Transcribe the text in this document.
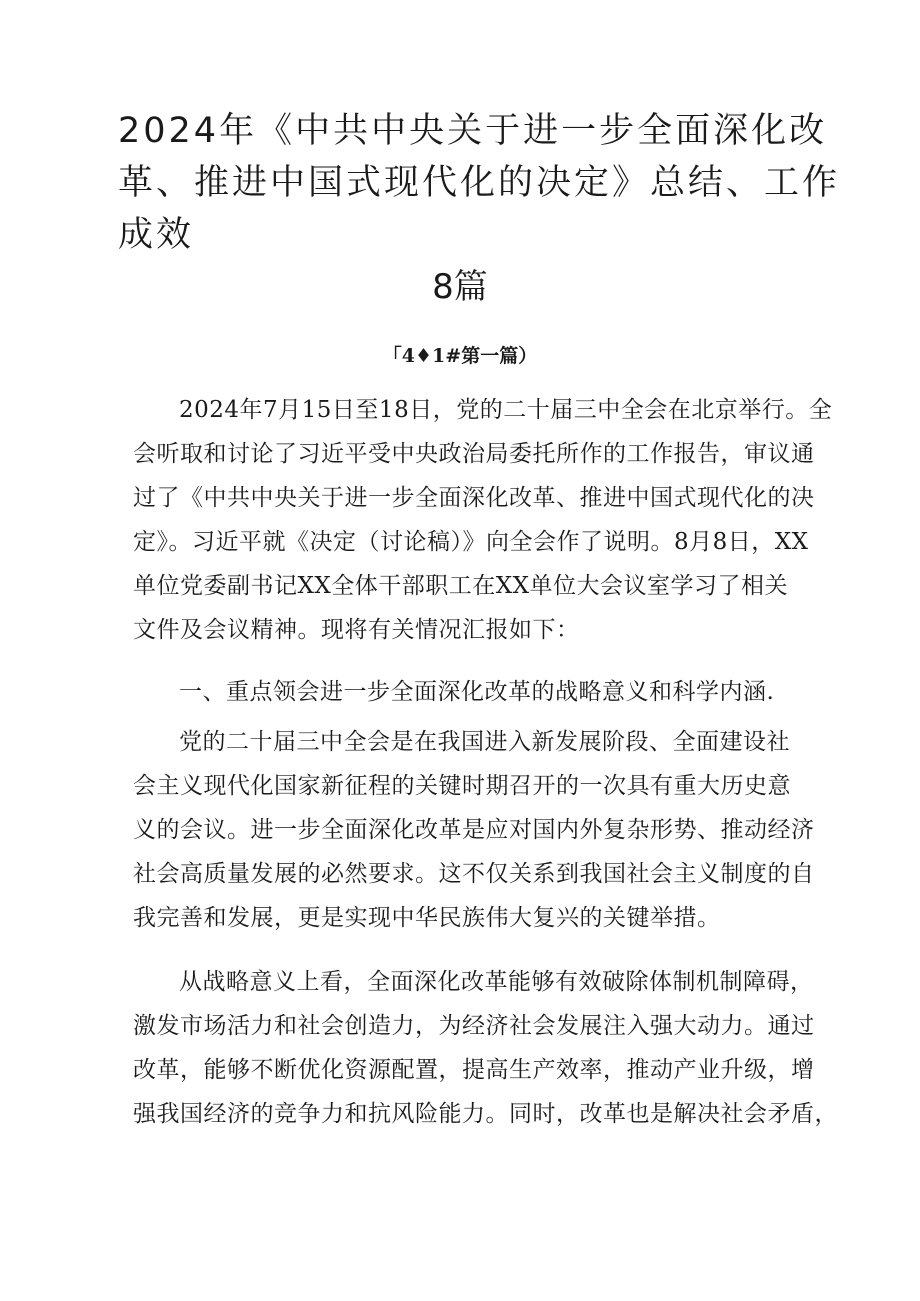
2024年《中共中央关于进一步全面深化改
革、推进中国式现代化的决定》总结、工作
成效
8篇
「4♦1#第一篇）
2024年7月15日至18日，党的二十届三中全会在北京举行。全
会听取和讨论了习近平受中央政治局委托所作的工作报告，审议通
过了《中共中央关于进一步全面深化改革、推进中国式现代化的决
定》。习近平就《决定（讨论稿）》向全会作了说明。8月8日，XX
单位党委副书记XX全体干部职工在XX单位大会议室学习了相关
文件及会议精神。现将有关情况汇报如下：
一、重点领会进一步全面深化改革的战略意义和科学内涵.
党的二十届三中全会是在我国进入新发展阶段、全面建设社
会主义现代化国家新征程的关键时期召开的一次具有重大历史意
义的会议。进一步全面深化改革是应对国内外复杂形势、推动经济
社会高质量发展的必然要求。这不仅关系到我国社会主义制度的自
我完善和发展，更是实现中华民族伟大复兴的关键举措。
从战略意义上看，全面深化改革能够有效破除体制机制障碍，
激发市场活力和社会创造力，为经济社会发展注入强大动力。通过
改革，能够不断优化资源配置，提高生产效率，推动产业升级，增
强我国经济的竞争力和抗风险能力。同时，改革也是解决社会矛盾，
